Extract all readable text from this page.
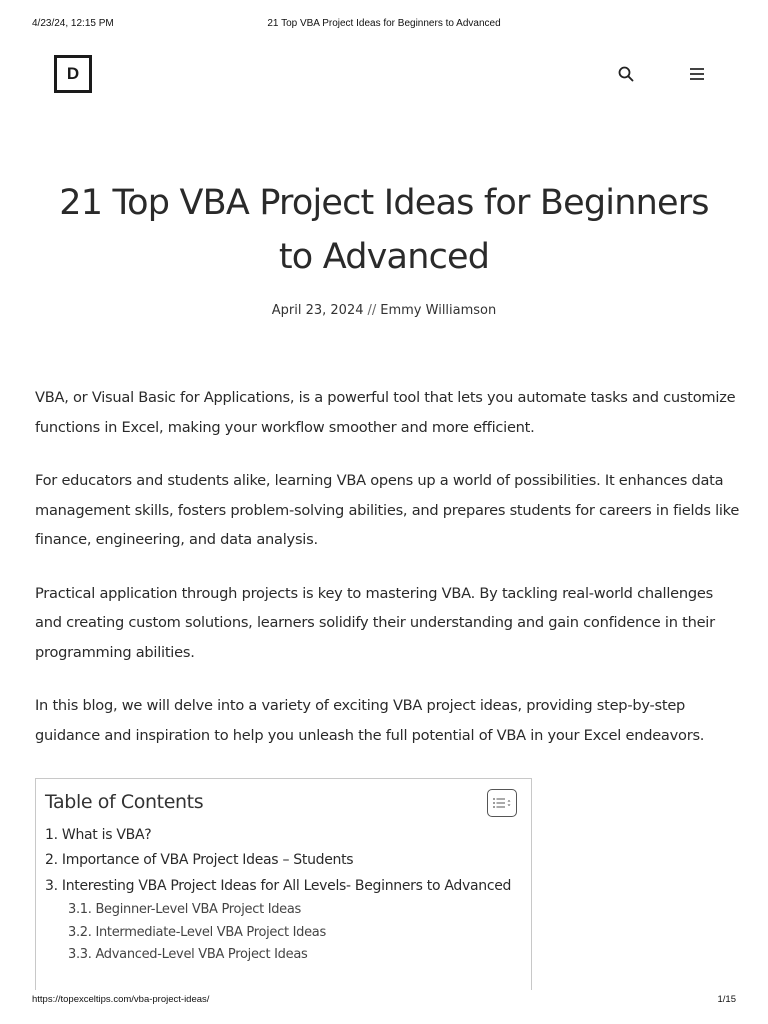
4/23/24, 12:15 PM	21 Top VBA Project Ideas for Beginners to Advanced
D
21 Top VBA Project Ideas for Beginners to Advanced
April 23, 2024 // Emmy Williamson

VBA, or Visual Basic for Applications, is a powerful tool that lets you automate tasks and customize functions in Excel, making your workflow smoother and more efficient.

For educators and students alike, learning VBA opens up a world of possibilities. It enhances data management skills, fosters problem-solving abilities, and prepares students for careers in fields like finance, engineering, and data analysis.

Practical application through projects is key to mastering VBA. By tackling real-world challenges and creating custom solutions, learners solidify their understanding and gain confidence in their programming abilities.

In this blog, we will delve into a variety of exciting VBA project ideas, providing step-by-step guidance and inspiration to help you unleash the full potential of VBA in your Excel endeavors.

Table of Contents
1. What is VBA?
2. Importance of VBA Project Ideas – Students
3. Interesting VBA Project Ideas for All Levels- Beginners to Advanced
3.1. Beginner-Level VBA Project Ideas
3.2. Intermediate-Level VBA Project Ideas
3.3. Advanced-Level VBA Project Ideas
https://topexceltips.com/vba-project-ideas/	1/15
